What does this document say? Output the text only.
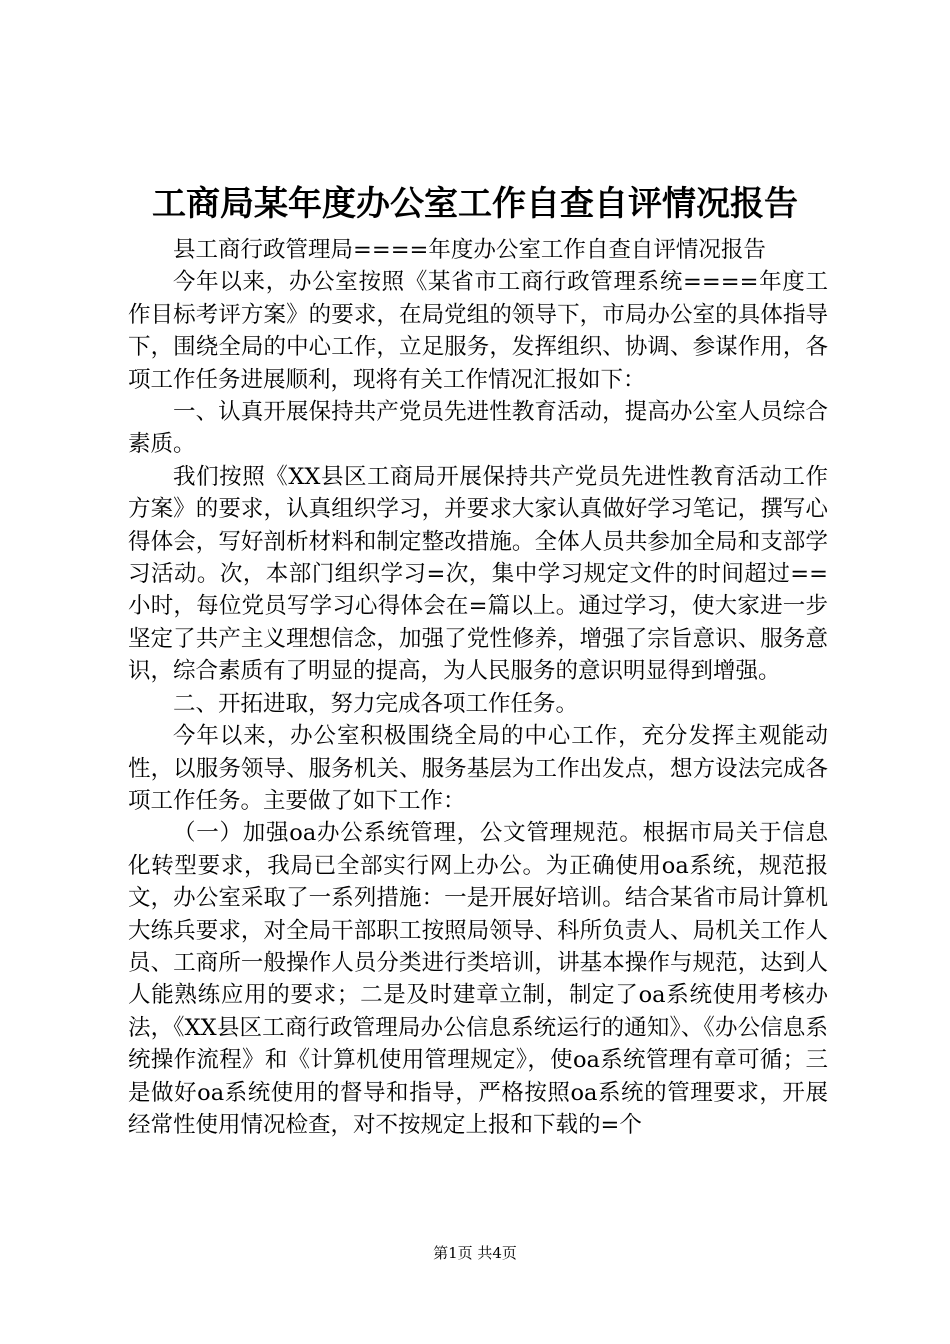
工商局某年度办公室工作自查自评情况报告

县工商行政管理局====年度办公室工作自查自评情况报告

今年以来，办公室按照《某省市工商行政管理系统====年度工作目标考评方案》的要求，在局党组的领导下，市局办公室的具体指导下，围绕全局的中心工作，立足服务，发挥组织、协调、参谋作用，各项工作任务进展顺利，现将有关工作情况汇报如下：

一、认真开展保持共产党员先进性教育活动，提高办公室人员综合素质。

我们按照《XX县区工商局开展保持共产党员先进性教育活动工作方案》的要求，认真组织学习，并要求大家认真做好学习笔记，撰写心得体会，写好剖析材料和制定整改措施。全体人员共参加全局和支部学习活动。次，本部门组织学习=次，集中学习规定文件的时间超过==小时，每位党员写学习心得体会在=篇以上。通过学习，使大家进一步坚定了共产主义理想信念，加强了党性修养，增强了宗旨意识、服务意识，综合素质有了明显的提高，为人民服务的意识明显得到增强。

二、开拓进取，努力完成各项工作任务。

今年以来，办公室积极围绕全局的中心工作，充分发挥主观能动性，以服务领导、服务机关、服务基层为工作出发点，想方设法完成各项工作任务。主要做了如下工作：

（一）加强oa办公系统管理，公文管理规范。根据市局关于信息化转型要求，我局已全部实行网上办公。为正确使用oa系统，规范报文，办公室采取了一系列措施：一是开展好培训。结合某省市局计算机大练兵要求，对全局干部职工按照局领导、科所负责人、局机关工作人员、工商所一般操作人员分类进行类培训，讲基本操作与规范，达到人人能熟练应用的要求；二是及时建章立制，制定了oa系统使用考核办法，《XX县区工商行政管理局办公信息系统运行的通知》、《办公信息系统操作流程》和《计算机使用管理规定》，使oa系统管理有章可循；三是做好oa系统使用的督导和指导，严格按照oa系统的管理要求，开展经常性使用情况检查，对不按规定上报和下载的=个

第1页 共4页
